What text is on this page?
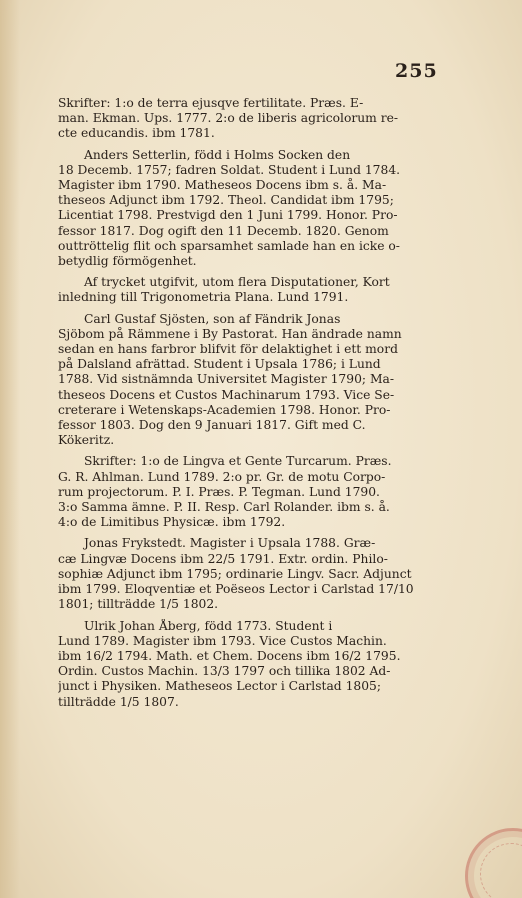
255
Skrifter: 1:o de terra ejusqve fertilitate. Præs. E-
man. Ekman. Ups. 1777. 2:o de liberis agricolorum re-
cte educandis. ibm 1781.
Anders Setterlin, född i Holms Socken den
18 Decemb. 1757; fadren Soldat. Student i Lund 1784.
Magister ibm 1790. Matheseos Docens ibm s. å. Ma-
theseos Adjunct ibm 1792. Theol. Candidat ibm 1795;
Licentiat 1798. Prestvigd den 1 Juni 1799. Honor. Pro-
fessor 1817. Dog ogift den 11 Decemb. 1820. Genom
outtröttelig flit och sparsamhet samlade han en icke o-
betydlig förmögenhet.
Af trycket utgifvit, utom flera Disputationer, Kort
inledning till Trigonometria Plana. Lund 1791.
Carl Gustaf Sjösten, son af Fändrik Jonas
Sjöbom på Rämmene i By Pastorat. Han ändrade namn
sedan en hans farbror blifvit för delaktighet i ett mord
på Dalsland afrättad. Student i Upsala 1786; i Lund
1788. Vid sistnämnda Universitet Magister 1790; Ma-
theseos Docens et Custos Machinarum 1793. Vice Se-
creterare i Wetenskaps-Academien 1798. Honor. Pro-
fessor 1803. Dog den 9 Januari 1817. Gift med C.
Kökeritz.
Skrifter: 1:o de Lingva et Gente Turcarum. Præs.
G. R. Ahlman. Lund 1789. 2:o pr. Gr. de motu Corpo-
rum projectorum. P. I. Præs. P. Tegman. Lund 1790.
3:o Samma ämne. P. II. Resp. Carl Rolander. ibm s. å.
4:o de Limitibus Physicæ. ibm 1792.
Jonas Frykstedt. Magister i Upsala 1788. Græ-
cæ Lingvæ Docens ibm 22/5 1791. Extr. ordin. Philo-
sophiæ Adjunct ibm 1795; ordinarie Lingv. Sacr. Adjunct
ibm 1799. Eloqventiæ et Poëseos Lector i Carlstad 17/10
1801; tillträdde 1/5 1802.
Ulrik Johan Åberg, född 1773. Student i
Lund 1789. Magister ibm 1793. Vice Custos Machin.
ibm 16/2 1794. Math. et Chem. Docens ibm 16/2 1795.
Ordin. Custos Machin. 13/3 1797 och tillika 1802 Ad-
junct i Physiken. Matheseos Lector i Carlstad 1805;
tillträdde 1/5 1807.
